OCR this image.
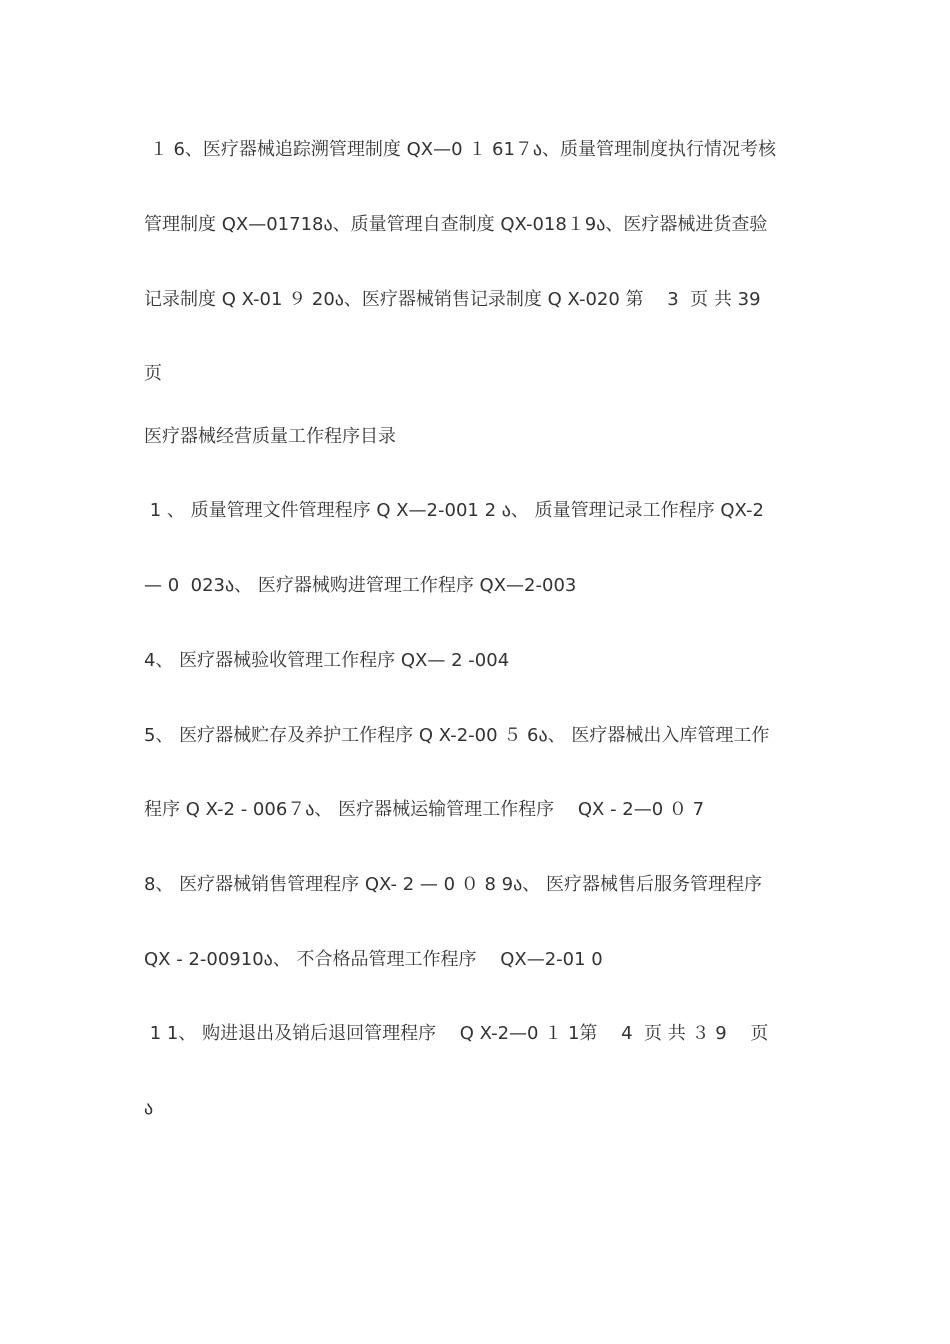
１ 6、医疗器械追踪溯管理制度 QX—0 １ 61７ა、质量管理制度执行情况考核
管理制度 QX—01718ა、质量管理自查制度 QX-018１9ა、医疗器械进货查验
记录制度 Q X-01 ９ 20ა、医疗器械销售记录制度 Q X-020 第 　3  页 共 39
页
医疗器械经营质量工作程序目录
1 、 质量管理文件管理程序 Q X—2-001 2 ა、 质量管理记录工作程序 QX-2
— 0  023ა、 医疗器械购进管理工作程序 QX—2-003
4、 医疗器械验收管理工作程序 QX— 2 -004
5、 医疗器械贮存及养护工作程序 Q X-2-00 ５ 6ა、 医疗器械出入库管理工作
程序 Q X-2 - 006７ა、 医疗器械运输管理工作程序 　QX - 2—0 ０ 7
8、 医疗器械销售管理程序 QX- 2 — 0 ０ 8 9ა、 医疗器械售后服务管理程序
QX - 2-00910ა、 不合格品管理工作程序 　QX—2-01 0
1 1、 购进退出及销后退回管理程序 　Q X-2—0 １ 1第 　4  页 共 ３ 9 　页
ა
